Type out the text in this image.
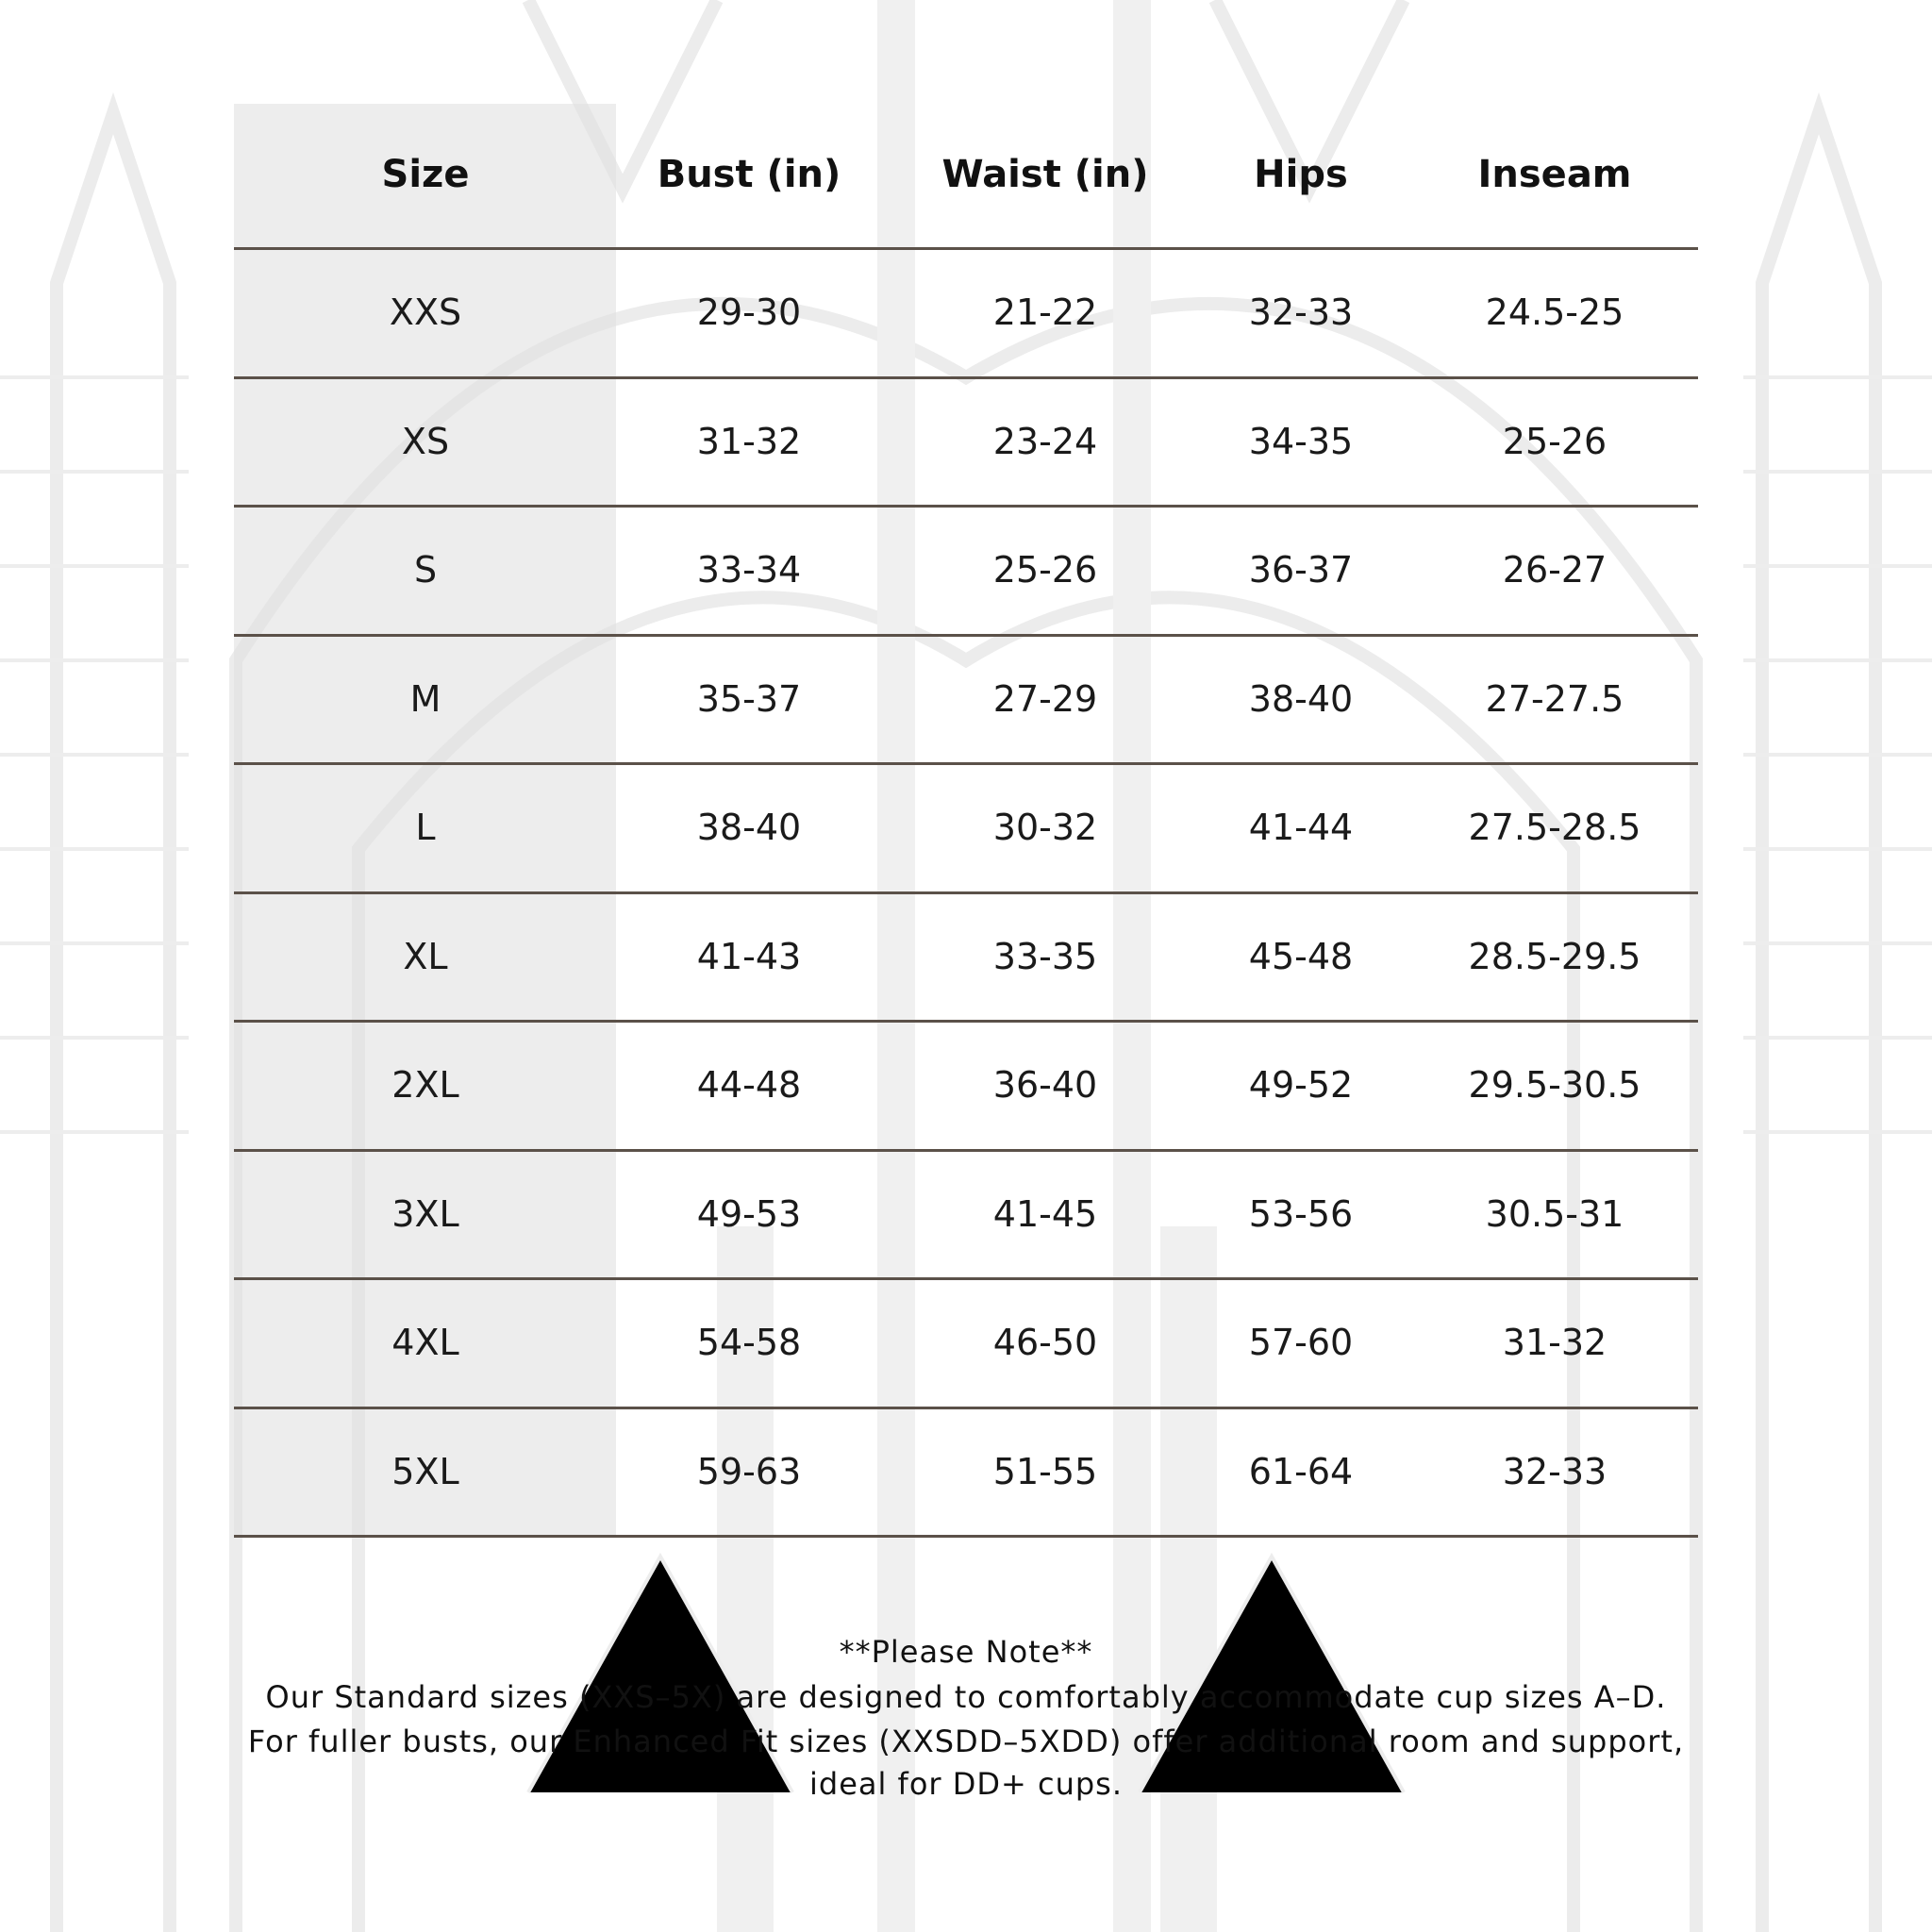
Size	Bust (in)	Waist (in)	Hips	Inseam
XXS	29-30	21-22	32-33	24.5-25
XS	31-32	23-24	34-35	25-26
S	33-34	25-26	36-37	26-27
M	35-37	27-29	38-40	27-27.5
L	38-40	30-32	41-44	27.5-28.5
XL	41-43	33-35	45-48	28.5-29.5
2XL	44-48	36-40	49-52	29.5-30.5
3XL	49-53	41-45	53-56	30.5-31
4XL	54-58	46-50	57-60	31-32
5XL	59-63	51-55	61-64	32-33
**Please Note**
Our Standard sizes (XXS–5X) are designed to comfortably accommodate cup sizes A–D.
For fuller busts, our Enhanced Fit sizes (XXSDD–5XDD) offer additional room and support,
ideal for DD+ cups.
